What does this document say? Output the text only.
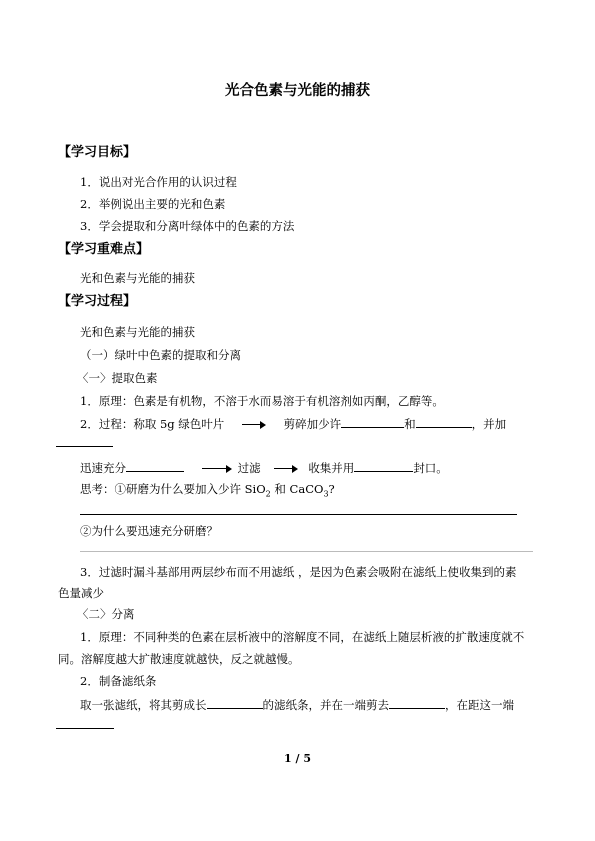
光合色素与光能的捕获
【学习目标】
1．说出对光合作用的认识过程
2．举例说出主要的光和色素
3．学会提取和分离叶绿体中的色素的方法
【学习重难点】
光和色素与光能的捕获
【学习过程】
光和色素与光能的捕获
（一）绿叶中色素的提取和分离
〈一〉提取色素
1．原理：色素是有机物，不溶于水而易溶于有机溶剂如丙酮，乙醇等。
2．过程：称取 5g 绿色叶片	剪碎加少许	和	，并加
迅速充分	过滤	收集并用	封口。
思考：①研磨为什么要加入少许 SiO$_2$ 和 CaCO$_3$?
②为什么要迅速充分研磨？
3．过滤时漏斗基部用两层纱布而不用滤纸 ，是因为色素会吸附在滤纸上使收集到的素
色量减少
〈二〉分离
1．原理：不同种类的色素在层析液中的溶解度不同，在滤纸上随层析液的扩散速度就不
同。溶解度越大扩散速度就越快，反之就越慢。
2．制备滤纸条
取一张滤纸，将其剪成长	的滤纸条，并在一端剪去	，在距这一端
1 / 5
